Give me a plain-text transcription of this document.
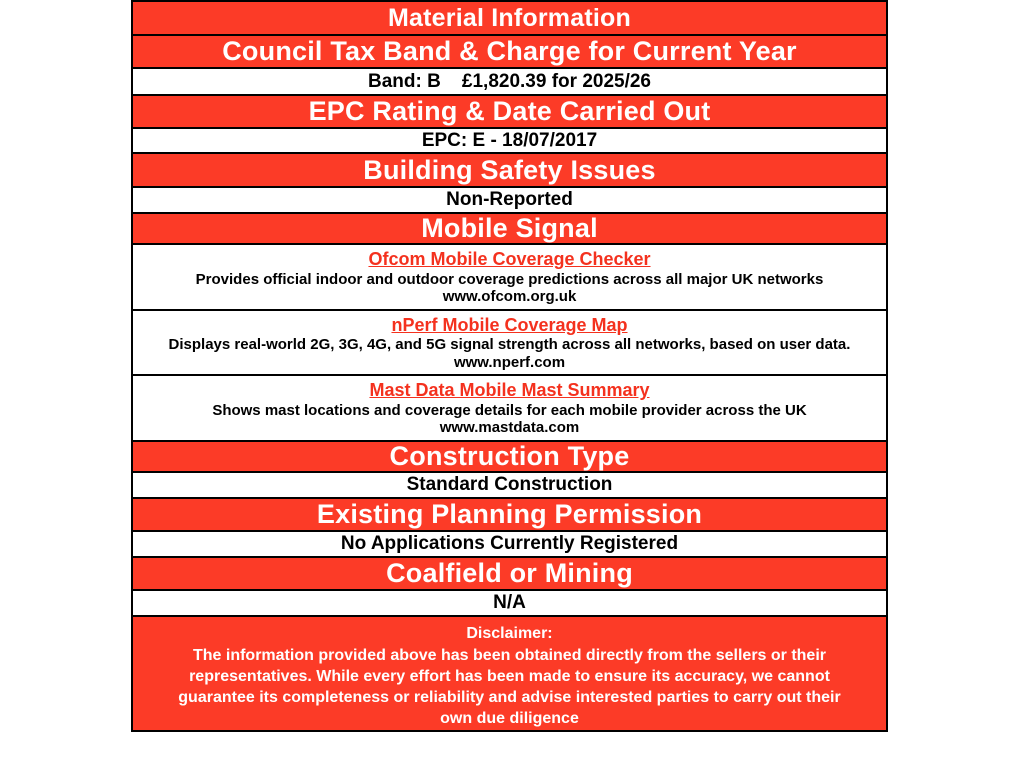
Material Information
Council Tax Band & Charge for Current Year
Band: B    £1,820.39 for 2025/26
EPC Rating & Date Carried Out
EPC: E - 18/07/2017
Building Safety Issues
Non-Reported
Mobile Signal
Ofcom Mobile Coverage Checker
Provides official indoor and outdoor coverage predictions across all major UK networks
www.ofcom.org.uk
nPerf Mobile Coverage Map
Displays real-world 2G, 3G, 4G, and 5G signal strength across all networks, based on user data.
www.nperf.com
Mast Data Mobile Mast Summary
Shows mast locations and coverage details for each mobile provider across the UK
www.mastdata.com
Construction Type
Standard Construction
Existing Planning Permission
No Applications Currently Registered
Coalfield or Mining
N/A
Disclaimer:
The information provided above has been obtained directly from the sellers or their
representatives. While every effort has been made to ensure its accuracy, we cannot
guarantee its completeness or reliability and advise interested parties to carry out their
own due diligence
